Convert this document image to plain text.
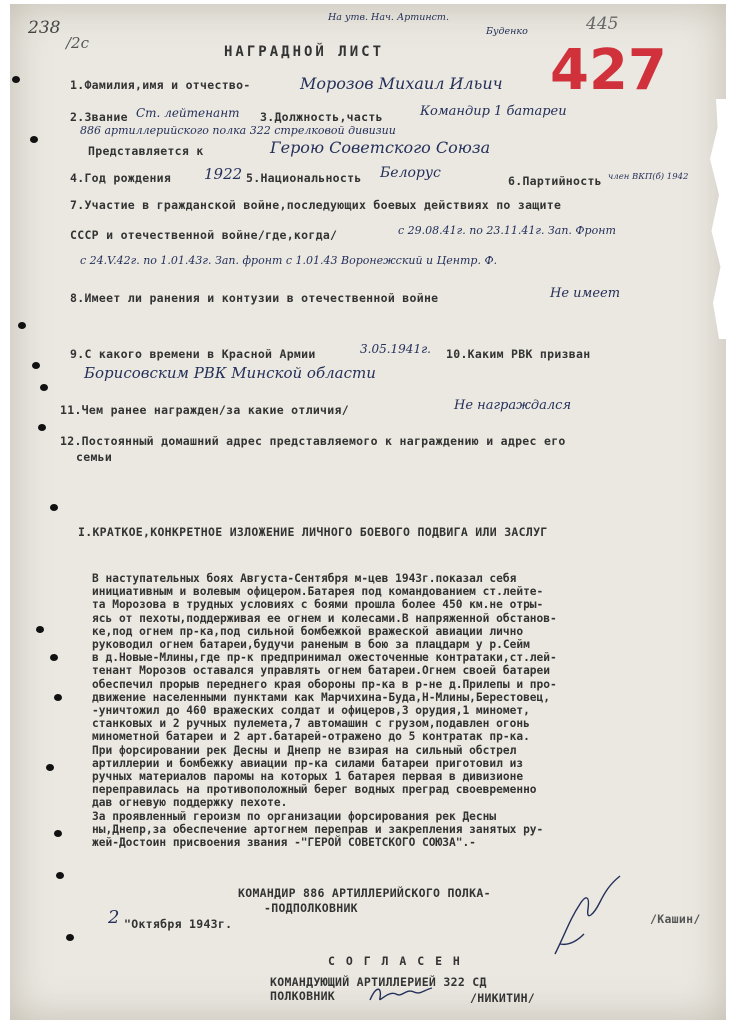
238
/2с
На утв. Нач. Артинст.
Буденко	445
427
НАГРАДНОЙ ЛИСТ
1.Фамилия,имя и отчество-	Морозов Михаил Ильич
2.Звание Ст. лейтенант 3.Должность,часть	Командир 1 батареи
886 артиллерийского полка 322 стрелковой дивизии
Представляется к	Герою Советского Союза
4.Год рождения 1922 5.Национальность Белорус	6.Партийность член ВКП(б) 1942
7.Участие в гражданской войне,последующих боевых действиях по защите
СССР и отечественной войне/где,когда/	с 29.08.41г. по 23.11.41г. Зап. Фронт
с 24.V.42г. по 1.01.43г. Зап. фронт с 1.01.43 Воронежский и Центр. Ф.
8.Имеет ли ранения и контузии в отечественной войне	Не имеет
9.С какого времени в Красной Армии	3.05.1941г. 10.Каким РВК призван
Борисовским РВК Минской области
11.Чем ранее награжден/за какие отличия/	Не награждался
12.Постоянный домашний адрес представляемого к награждению и адрес его
семьи
I.КРАТКОЕ,КОНКРЕТНОЕ ИЗЛОЖЕНИЕ ЛИЧНОГО БОЕВОГО ПОДВИГА ИЛИ ЗАСЛУГ

В наступательных боях Августа-Сентября м-цев 1943г.показал себя

инициативным и волевым офицером.Батарея под командованием ст.лейте-

та Морозова в трудных условиях с боями прошла более 450 км.не отры-

ясь от пехоты,поддерживая ее огнем и колесами.В напряженной обстанов-

ке,под огнем пр-ка,под сильной бомбежкой вражеской авиации лично

руководил огнем батареи,будучи раненым в бою за плацдарм у р.Сейм

в д.Новые-Млины,где пр-к предпринимал ожесточенные контратаки,ст.лей-

тенант Морозов оставался управлять огнем батареи.Огнем своей батареи

обеспечил прорыв переднего края обороны пр-ка в р-не д.Прилепы и про-

движение населенными пунктами как Марчихина-Буда,Н-Млины,Берестовец,

-уничтожил до 460 вражеских солдат и офицеров,3 орудия,1 миномет,

станковых и 2 ручных пулемета,7 автомашин с грузом,подавлен огонь

минометной батареи и 2 арт.батарей-отражено до 5 контратак пр-ка.

При форсировании рек Десны и Днепр не взирая на сильный обстрел

артиллерии и бомбежку авиации пр-ка силами батареи приготовил из

ручных материалов паромы на которых 1 батарея первая в дивизионе

переправилась на противоположный берег водных преград своевременно

дав огневую поддержку пехоте.

За проявленный героизм по организации форсирования рек Десны

ны,Днепр,за обеспечение артогнем переправ и закрепления занятых ру-

жей-Достоин присвоения звания -"ГЕРОЙ СОВЕТСКОГО СОЮЗА".-

КОМАНДИР 886 АРТИЛЛЕРИЙСКОГО ПОЛКА-
-ПОДПОЛКОВНИК
/Кашин/
2 "Октября 1943г.
С О Г Л А С Е Н
КОМАНДУЮЩИЙ АРТИЛЛЕРИЕЙ 322 СД
ПОЛКОВНИК	/НИКИТИН/
